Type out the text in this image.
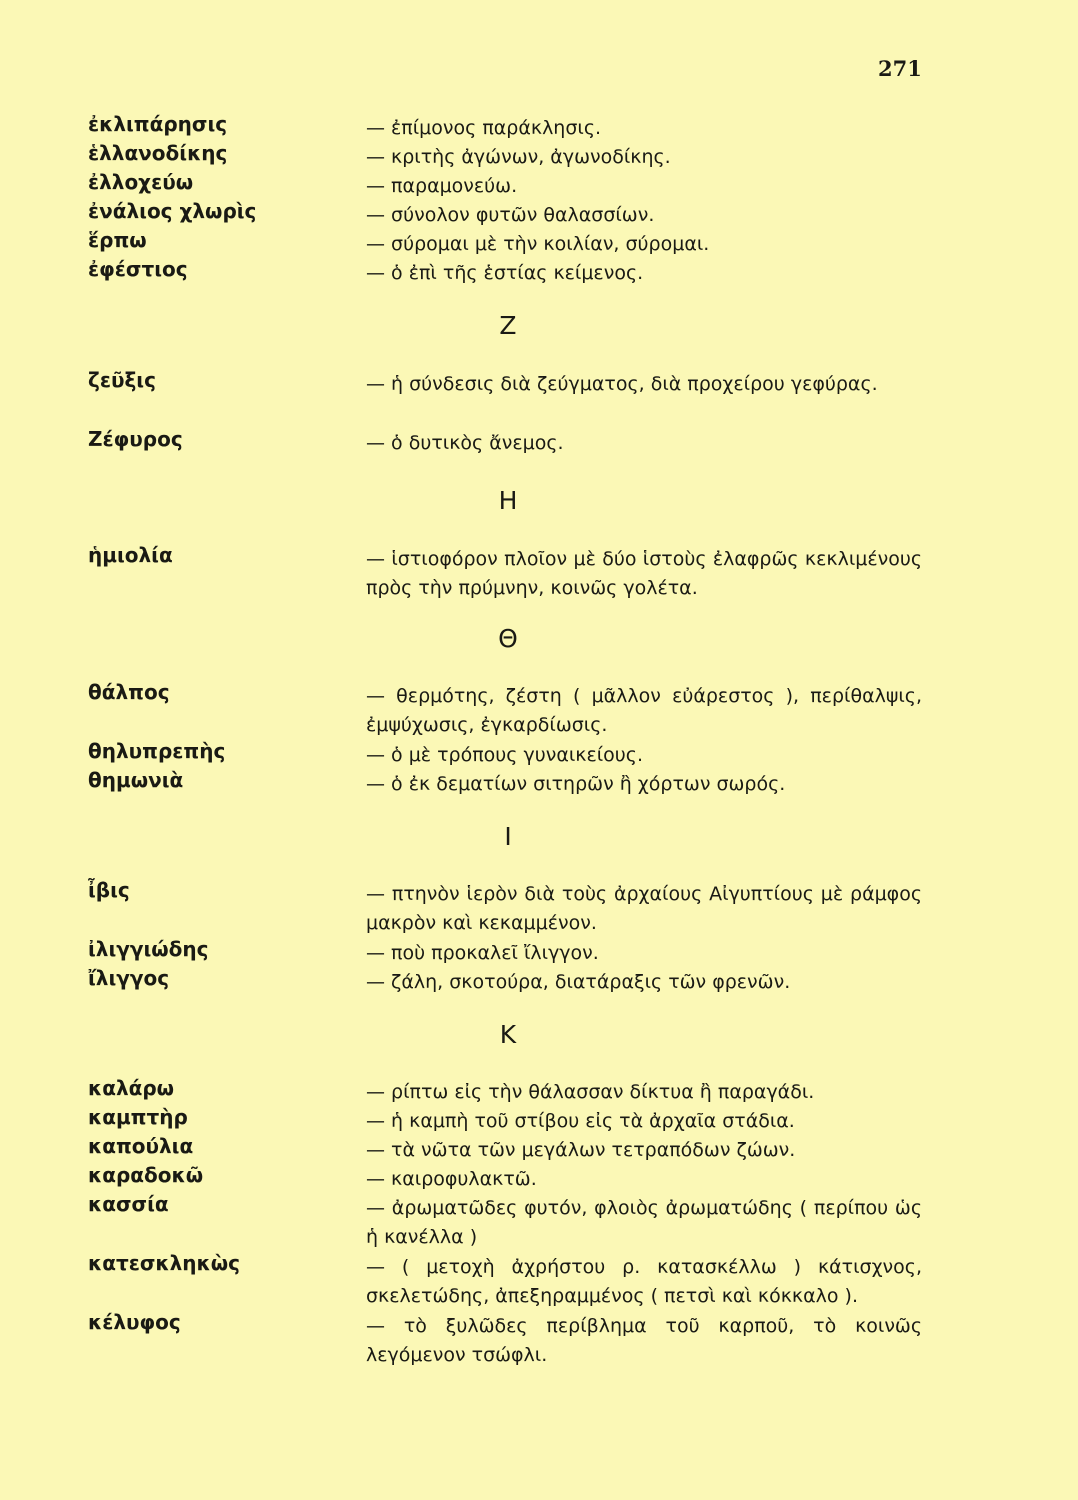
271
ἐκλιπάρησις	— ἐπίμονος παράκλησις.
ἑλλανοδίκης	— κριτὴς ἀγώνων, ἀγωνοδίκης.
ἐλλοχεύω	— παραμονεύω.
ἐνάλιος χλωρὶς	— σύνολον φυτῶν θαλασσίων.
ἕρπω	— σύρομαι μὲ τὴν κοιλίαν, σύρομαι.
ἐφέστιος	— ὁ ἐπὶ τῆς ἑστίας κείμενος.
Z
ζεῦξις	— ἡ σύνδεσις διὰ ζεύγματος, διὰ προχείρου γεφύρας.
Ζέφυρος	— ὁ δυτικὸς ἄνεμος.
H
ἡμιολία	— ἱστιοφόρον πλοῖον μὲ δύο ἱστοὺς ἐλαφρῶς κεκλιμένους πρὸς τὴν πρύμνην, κοινῶς γολέτα.
Θ
θάλπος	— θερμότης, ζέστη ( μᾶλλον εὐάρεστος ), περίθαλψις, ἐμψύχωσις, ἐγκαρδίωσις.
θηλυπρεπὴς	— ὁ μὲ τρόπους γυναικείους.
θημωνιὰ	— ὁ ἐκ δεματίων σιτηρῶν ἢ χόρτων σωρός.
I
ἶβις	— πτηνὸν ἱερὸν διὰ τοὺς ἀρχαίους Αἰγυπτίους μὲ ράμφος μακρὸν καὶ κεκαμμένον.
ἰλιγγιώδης	— ποὺ προκαλεῖ ἴλιγγον.
ἴλιγγος	— ζάλη, σκοτούρα, διατάραξις τῶν φρενῶν.
K
καλάρω	— ρίπτω εἰς τὴν θάλασσαν δίκτυα ἢ παραγάδι.
καμπτὴρ	— ἡ καμπὴ τοῦ στίβου εἰς τὰ ἀρχαῖα στάδια.
καπούλια	— τὰ νῶτα τῶν μεγάλων τετραπόδων ζώων.
καραδοκῶ	— καιροφυλακτῶ.
κασσία	— ἀρωματῶδες φυτόν, φλοιὸς ἀρωματώδης ( περίπου ὡς ἡ κανέλλα )
κατεσκληκὼς	— ( μετοχὴ ἀχρήστου ρ. κατασκέλλω ) κάτισχνος, σκελετώδης, ἀπεξηραμμένος ( πετσὶ καὶ κόκκαλο ).
κέλυφος	— τὸ ξυλῶδες περίβλημα τοῦ καρποῦ, τὸ κοινῶς λεγόμενον τσώφλι.
